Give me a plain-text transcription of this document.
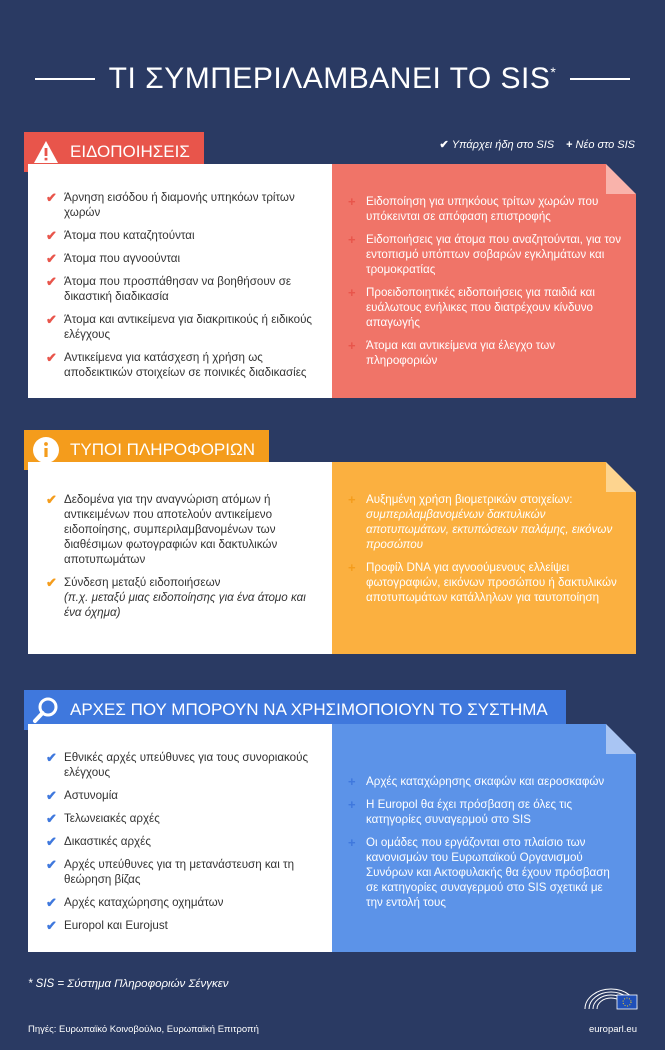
ΤΙ ΣΥΜΠΕΡΙΛΑΜΒΑΝΕΙ ΤΟ SIS*
✔ Υπάρχει ήδη στο SIS + Νέο στο SIS
ΕΙΔΟΠΟΙΗΣΕΙΣ
✔ Άρνηση εισόδου ή διαμονής υπηκόων τρίτων χωρών
✔ Άτομα που καταζητούνται
✔ Άτομα που αγνοούνται
✔ Άτομα που προσπάθησαν να βοηθήσουν σε δικαστική διαδικασία
✔ Άτομα και αντικείμενα για διακριτικούς ή ειδικούς ελέγχους
✔ Αντικείμενα για κατάσχεση ή χρήση ως αποδεικτικών στοιχείων σε ποινικές διαδικασίες
+ Ειδοποίηση για υπηκόους τρίτων χωρών που υπόκεινται σε απόφαση επιστροφής
+ Ειδοποιήσεις για άτομα που αναζητούνται, για τον εντοπισμό υπόπτων σοβαρών εγκλημάτων και τρομοκρατίας
+ Προειδοποιητικές ειδοποιήσεις για παιδιά και ευάλωτους ενήλικες που διατρέχουν κίνδυνο απαγωγής
+ Άτομα και αντικείμενα για έλεγχο των πληροφοριών
ΤΥΠΟΙ ΠΛΗΡΟΦΟΡΙΩΝ
✔ Δεδομένα για την αναγνώριση ατόμων ή αντικειμένων που αποτελούν αντικείμενο ειδοποίησης, συμπεριλαμβανομένων των διαθέσιμων φωτογραφιών και δακτυλικών αποτυπωμάτων
✔ Σύνδεση μεταξύ ειδοποιήσεων
(π.χ. μεταξύ μιας ειδοποίησης για ένα άτομο και ένα όχημα)
+ Αυξημένη χρήση βιομετρικών στοιχείων:
συμπεριλαμβανομένων δακτυλικών αποτυπωμάτων, εκτυπώσεων παλάμης, εικόνων προσώπου
+ Προφίλ DNA για αγνοούμενους ελλείψει φωτογραφιών, εικόνων προσώπου ή δακτυλικών αποτυπωμάτων κατάλληλων για ταυτοποίηση
ΑΡΧΕΣ ΠΟΥ ΜΠΟΡΟΥΝ ΝΑ ΧΡΗΣΙΜΟΠΟΙΟΥΝ ΤΟ ΣΥΣΤΗΜΑ
✔ Εθνικές αρχές υπεύθυνες για τους συνοριακούς ελέγχους
✔ Αστυνομία
✔ Τελωνειακές αρχές
✔ Δικαστικές αρχές
✔ Αρχές υπεύθυνες για τη μετανάστευση και τη θεώρηση βίζας
✔ Αρχές καταχώρησης οχημάτων
✔ Europol και Eurojust
+ Αρχές καταχώρησης σκαφών και αεροσκαφών
+ Η Europol θα έχει πρόσβαση σε όλες τις κατηγορίες συναγερμού στο SIS
+ Οι ομάδες που εργάζονται στο πλαίσιο των κανονισμών του Ευρωπαϊκού Οργανισμού Συνόρων και Ακτοφυλακής θα έχουν πρόσβαση σε κατηγορίες συναγερμού στο SIS σχετικά με την εντολή τους
* SIS = Σύστημα Πληροφοριών Σένγκεν
Πηγές: Ευρωπαϊκό Κοινοβούλιο, Ευρωπαϊκή Επιτροπή	europarl.eu
